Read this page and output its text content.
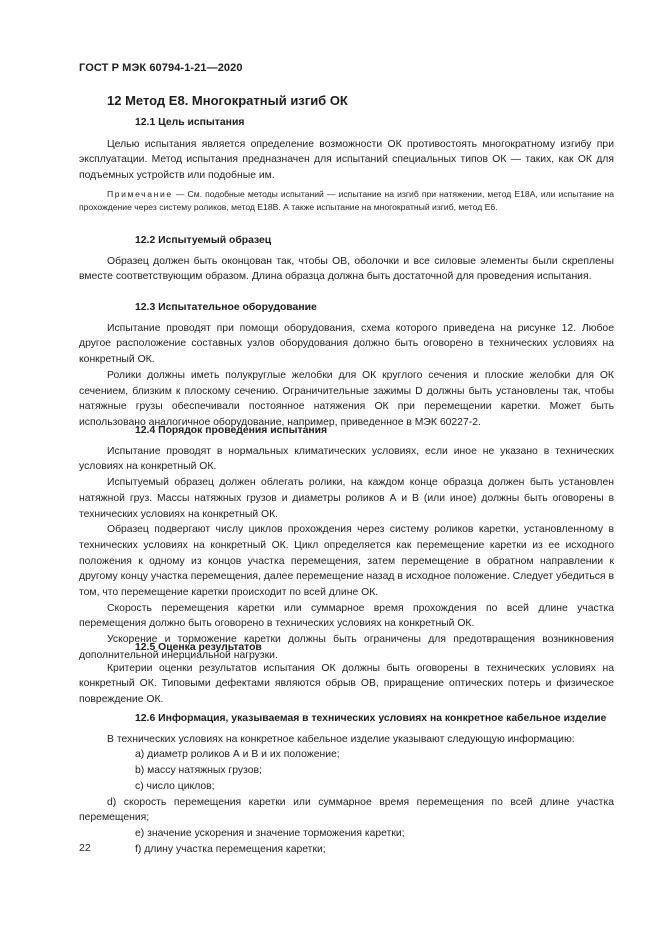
ГОСТ Р МЭК 60794-1-21—2020
12 Метод Е8. Многократный изгиб ОК

12.1 Цель испытания

Целью испытания является определение возможности ОК противостоять многократному изгибу при эксплуатации. Метод испытания предназначен для испытаний специальных типов ОК — таких, как ОК для подъемных устройств или подобные им.

Примечание — См. подобные методы испытаний — испытание на изгиб при натяжении, метод Е18А, или испытание на прохождение через систему роликов, метод Е18В. А также испытание на многократный изгиб, метод Е6.

12.2 Испытуемый образец

Образец должен быть оконцован так, чтобы ОВ, оболочки и все силовые элементы были скреплены вместе соответствующим образом. Длина образца должна быть достаточной для проведения испытания.

12.3 Испытательное оборудование

Испытание проводят при помощи оборудования, схема которого приведена на рисунке 12. Любое другое расположение составных узлов оборудования должно быть оговорено в технических условиях на конкретный ОК.

Ролики должны иметь полукруглые желобки для ОК круглого сечения и плоские желобки для ОК сечением, близким к плоскому сечению. Ограничительные зажимы D должны быть установлены так, чтобы натяжные грузы обеспечивали постоянное натяжения ОК при перемещении каретки. Может быть использовано аналогичное оборудование, например, приведенное в МЭК 60227-2.

12.4 Порядок проведения испытания

Испытание проводят в нормальных климатических условиях, если иное не указано в технических условиях на конкретный ОК.

Испытуемый образец должен облегать ролики, на каждом конце образца должен быть установлен натяжной груз. Массы натяжных грузов и диаметры роликов А и В (или иное) должны быть оговорены в технических условиях на конкретный ОК.

Образец подвергают числу циклов прохождения через систему роликов каретки, установленному в технических условиях на конкретный ОК. Цикл определяется как перемещение каретки из ее исходного положения к одному из концов участка перемещения, затем перемещение в обратном направлении к другому концу участка перемещения, далее перемещение назад в исходное положение. Следует убедиться в том, что перемещение каретки происходит по всей длине ОК.

Скорость перемещения каретки или суммарное время прохождения по всей длине участка перемещения должно быть оговорено в технических условиях на конкретный ОК.

Ускорение и торможение каретки должны быть ограничены для предотвращения возникновения дополнительной инерциальной нагрузки.

12.5 Оценка результатов

Критерии оценки результатов испытания ОК должны быть оговорены в технических условиях на конкретный ОК. Типовыми дефектами являются обрыв ОВ, приращение оптических потерь и физическое повреждение ОК.

12.6 Информация, указываемая в технических условиях на конкретное кабельное изделие

В технических условиях на конкретное кабельное изделие указывают следующую информацию:

а) диаметр роликов А и В и их положение;

b) массу натяжных грузов;

с) число циклов;

d) скорость перемещения каретки или суммарное время перемещения по всей длине участка перемещения;

е) значение ускорения и значение торможения каретки;

f) длину участка перемещения каретки;

22
